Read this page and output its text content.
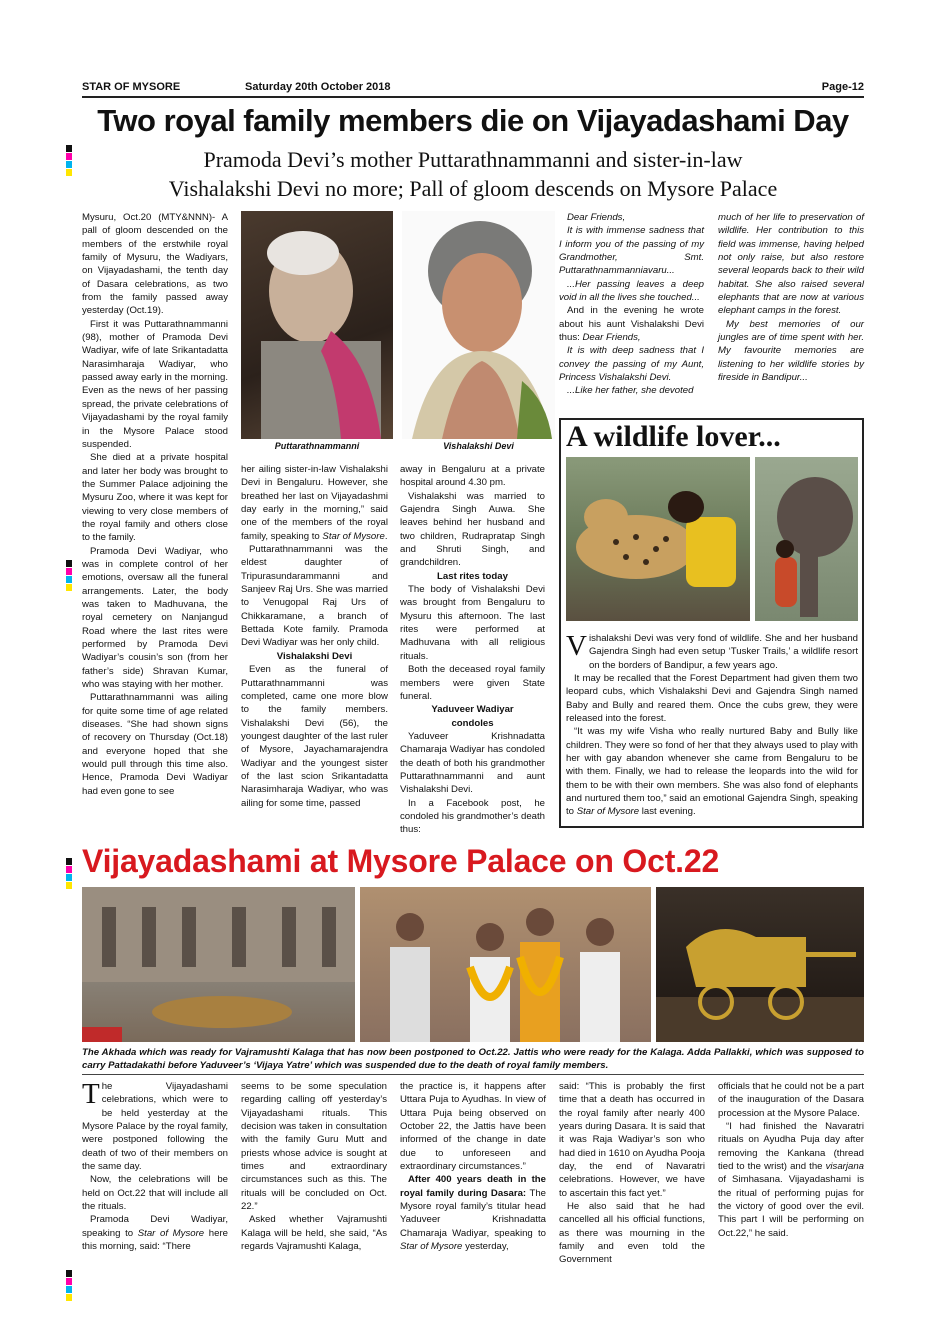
STAR OF MYSORE	Saturday 20th October 2018	Page-12
Two royal family members die on Vijayadashami Day
Pramoda Devi’s mother Puttarathnammanni and sister-in-law
Vishalakshi Devi no more; Pall of gloom descends on Mysore Palace

Mysuru, Oct.20 (MTY&NNN)- A pall of gloom descended on the members of the erstwhile royal family of Mysuru, the Wadiyars, on Vijayadashami, the tenth day of Dasara celebrations, as two from the family passed away yesterday (Oct.19).

First it was Puttarathnammanni (98), mother of Pramoda Devi Wadiyar, wife of late Srikantadatta Narasimharaja Wadiyar, who passed away early in the morning. Even as the news of her passing spread, the private celebrations of Vijayadashami by the royal family in the Mysore Palace stood suspended.

She died at a private hospital and later her body was brought to the Summer Palace adjoining the Mysuru Zoo, where it was kept for viewing to very close members of the royal family and others close to the family.

Pramoda Devi Wadiyar, who was in complete control of her emotions, oversaw all the funeral arrangements. Later, the body was taken to Madhuvana, the royal cemetery on Nanjangud Road where the last rites were performed by Pramoda Devi Wadiyar’s cousin’s son (from her father’s side) Shravan Kumar, who was staying with her mother.

Puttarathnammanni was ailing for quite some time of age related diseases. “She had shown signs of recovery on Thursday (Oct.18) and everyone hoped that she would pull through this time also. Hence, Pramoda Devi Wadiyar had even gone to see

Puttarathnammanni	Vishalakshi Devi

her ailing sister-in-law Vishalakshi Devi in Bengaluru. However, she breathed her last on Vijayadashmi day early in the morning,” said one of the members of the royal family, speaking to Star of Mysore.

Puttarathnammanni was the eldest daughter of Tripurasundarammanni and Sanjeev Raj Urs. She was married to Venugopal Raj Urs of Chikkaramane, a branch of Bettada Kote family. Pramoda Devi Wadiyar was her only child.

Vishalakshi Devi

Even as the funeral of Puttarathnammanni was completed, came one more blow to the family members. Vishalakshi Devi (56), the youngest daughter of the last ruler of Mysore, Jayachamarajendra Wadiyar and the youngest sister of the last scion Srikantadatta Narasimharaja Wadiyar, who was ailing for some time, passed

away in Bengaluru at a private hospital around 4.30 pm.

Vishalakshi was married to Gajendra Singh Auwa. She leaves behind her husband and two children, Rudrapratap Singh and Shruti Singh, and grandchildren.

Last rites today

The body of Vishalakshi Devi was brought from Bengaluru to Mysuru this afternoon. The last rites were performed at Madhuvana with all religious rituals.

Both the deceased royal family members were given State funeral.

Yaduveer Wadiyar
condoles

Yaduveer Krishnadatta Chamaraja Wadiyar has condoled the death of both his grandmother Puttarathnammanni and aunt Vishalakshi Devi.

In a Facebook post, he condoled his grandmother’s death thus:

Dear Friends,

It is with immense sadness that I inform you of the passing of my Grandmother, Smt. Puttarathnammanniavaru...

...Her passing leaves a deep void in all the lives she touched...

And in the evening he wrote about his aunt Vishalakshi Devi thus: Dear Friends,

It is with deep sadness that I convey the passing of my Aunt, Princess Vishalakshi Devi.

...Like her father, she devoted

much of her life to preservation of wildlife. Her contribution to this field was immense, having helped not only raise, but also restore several leopards back to their wild habitat. She also raised several elephants that are now at various elephant camps in the forest.

My best memories of our jungles are of time spent with her. My favourite memories are listening to her wildlife stories by fireside in Bandipur...

A wildlife lover...

Vishalakshi Devi was very fond of wildlife. She and her husband Gajendra Singh had even setup ‘Tusker Trails,’ a wildlife resort on the borders of Bandipur, a few years ago.

It may be recalled that the Forest Department had given them two leopard cubs, which Vishalakshi Devi and Gajendra Singh named Baby and Bully and reared them. Once the cubs grew, they were released into the forest.

“It was my wife Visha who really nurtured Baby and Bully like children. They were so fond of her that they always used to play with her with gay abandon whenever she came from Bengaluru to be with them. Finally, we had to release the leopards into the wild for them to be with their own members. She was also fond of elephants and nurtured them too,” said an emotional Gajendra Singh, speaking to Star of Mysore last evening.

Vijayadashami at Mysore Palace on Oct.22
The Akhada which was ready for Vajramushti Kalaga that has now been postponed to Oct.22. Jattis who were ready for the Kalaga. Adda Pallakki, which was supposed to carry Pattadakathi before Yaduveer’s ‘Vijaya Yatre’ which was suspended due to the death of royal family members.

The Vijayadashami celebrations, which were to be held yesterday at the Mysore Palace by the royal family, were postponed following the death of two of their members on the same day.

Now, the celebrations will be held on Oct.22 that will include all the rituals.

Pramoda Devi Wadiyar, speaking to Star of Mysore here this morning, said: “There

seems to be some speculation regarding calling off yesterday’s Vijayadashami rituals. This decision was taken in consultation with the family Guru Mutt and priests whose advice is sought at times and extraordinary circumstances such as this. The rituals will be concluded on Oct. 22.”

Asked whether Vajramushti Kalaga will be held, she said, “As regards Vajramushti Kalaga,

the practice is, it happens after Uttara Puja to Ayudhas. In view of Uttara Puja being observed on October 22, the Jattis have been informed of the change in date due to unforeseen and extraordinary circumstances.”

After 400 years death in the royal family during Dasara: The Mysore royal family’s titular head Yaduveer Krishnadatta Chamaraja Wadiyar, speaking to Star of Mysore yesterday,

said: “This is probably the first time that a death has occurred in the royal family after nearly 400 years during Dasara. It is said that it was Raja Wadiyar’s son who had died in 1610 on Ayudha Pooja day, the end of Navaratri celebrations. However, we have to ascertain this fact yet.”

He also said that he had cancelled all his official functions, as there was mourning in the family and even told the Government

officials that he could not be a part of the inauguration of the Dasara procession at the Mysore Palace.

“I had finished the Navaratri rituals on Ayudha Puja day after removing the Kankana (thread tied to the wrist) and the visarjana of Simhasana. Vijayadashami is the ritual of performing pujas for the victory of good over the evil. This part I will be performing on Oct.22,” he said.
